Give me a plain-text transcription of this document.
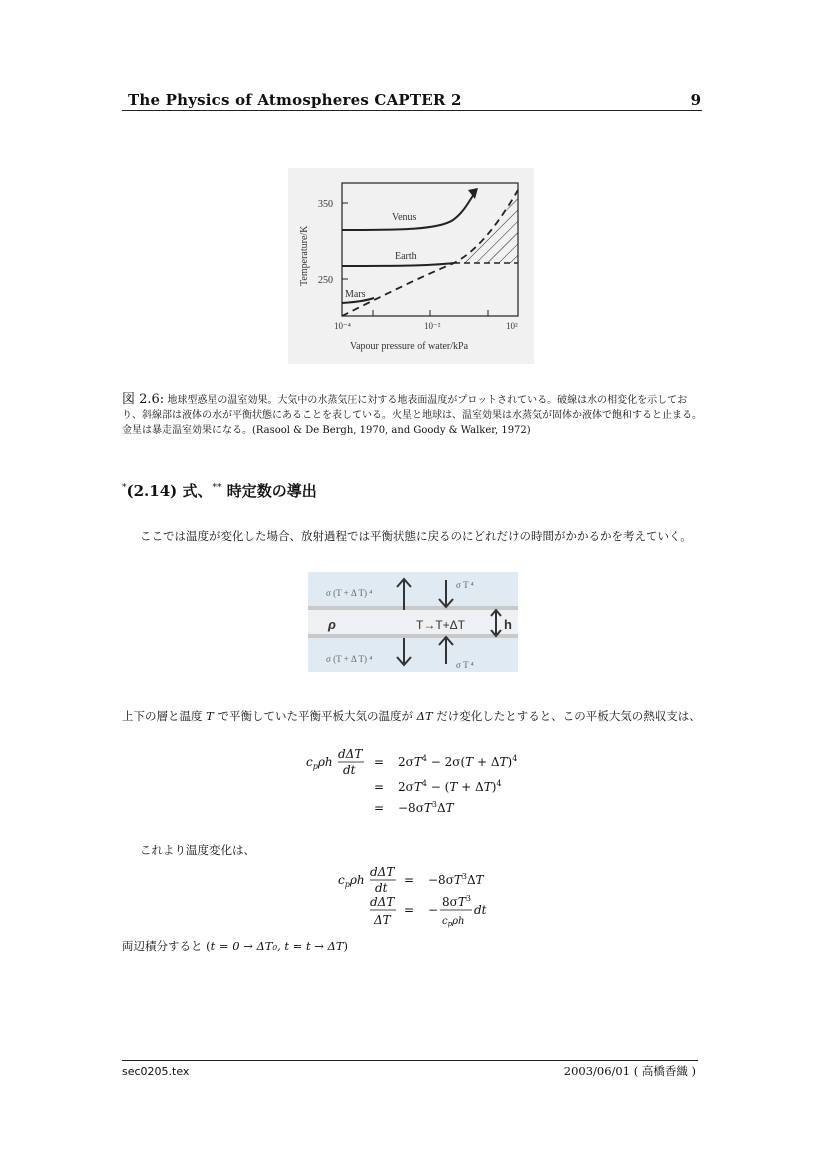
The Physics of Atmospheres CAPTER 2	9
350
250
Temperature/K
Venus
Earth
Mars
10⁻⁴	10⁻²	10²
Vapour pressure of water/kPa
図 2.6: 地球型惑星の温室効果。大気中の水蒸気圧に対する地表面温度がプロットされている。破線は水の相変化を示しており、斜線部は液体の水が平衡状態にあることを表している。火星と地球は、温室効果は水蒸気が固体か液体で飽和すると止まる。金星は暴走温室効果になる。(Rasool & De Bergh, 1970, and Goody & Walker, 1972)
*(2.14) 式、** 時定数の導出
ここでは温度が変化した場合、放射過程では平衡状態に戻るのにどれだけの時間がかかるかを考えていく。
σ (T + Δ T) ⁴
σ T ⁴
ρ	T→T+ΔT	h
σ (T + Δ T) ⁴
σ T ⁴
上下の層と温度 T で平衡していた平衡平板大気の温度が ΔT だけ変化したとすると、この平板大気の熱収支は、
$c_p\rho h$
dΔT
dt
= $2\sigma T^4 - 2\sigma(T + \Delta T)^4$
= $2\sigma T^4 - (T + \Delta T)^4$
= $-8\sigma T^3\Delta T$
これより温度変化は、
$c_p\rho h$
dΔT
dt
= $-8\sigma T^3\Delta T$
dΔT
ΔT
= −
$8\sigma T^3$
$c_p\rho h$
dt
両辺積分すると (t = 0 → ΔT₀, t = t → ΔT)
sec0205.tex	2003/06/01 ( 高橋香織 )
